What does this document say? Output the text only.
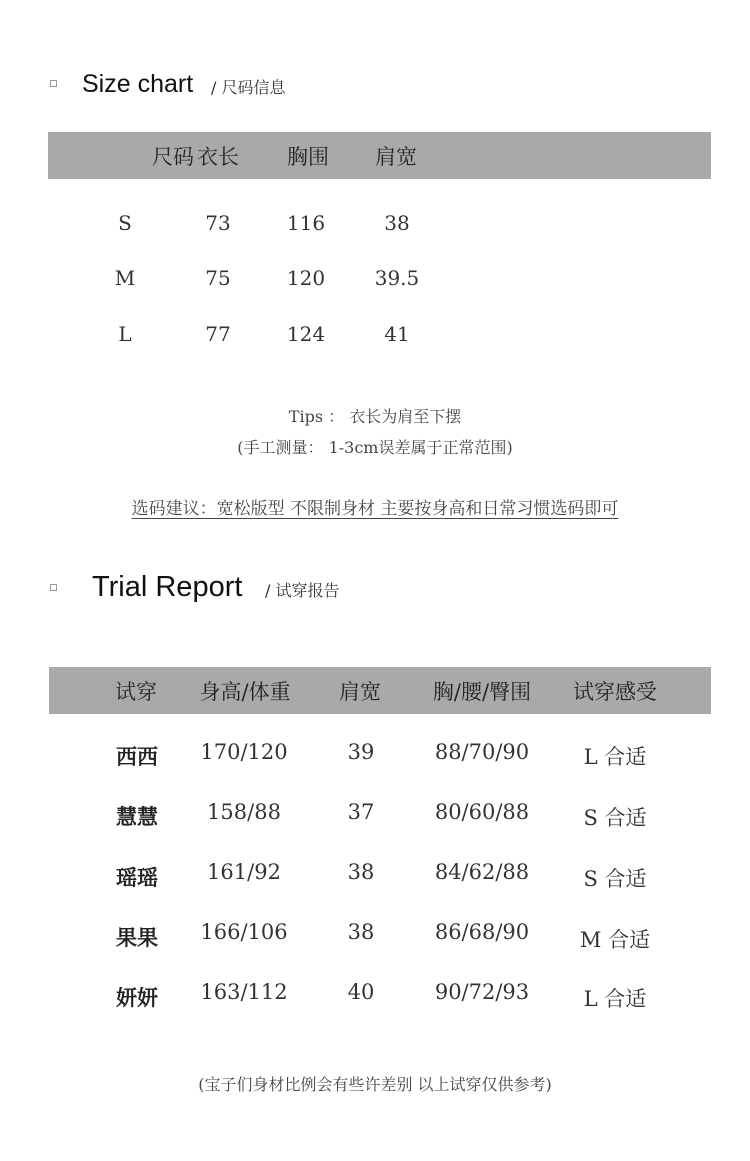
Size chart / 尺码信息
尺码 衣长	胸围	肩宽
S	73	116	38
M	75	120 39.5
L	77	124	41
Tips ： 衣长为肩至下摆
(手工测量： 1-3cm误差属于正常范围)
选码建议：宽松版型 不限制身材 主要按身高和日常习惯选码即可
Trial Report / 试穿报告
试穿	身高/体重	肩宽	胸/腰/臀围	试穿感受
西西 170/120	39	88/70/90	L 合适
慧慧 158/88	37	80/60/88	S 合适
瑶瑶 161/92	38	84/62/88	S 合适
果果 166/106	38	86/68/90 M 合适
妍妍 163/112	40	90/72/93	L 合适
(宝子们身材比例会有些许差别 以上试穿仅供参考)
